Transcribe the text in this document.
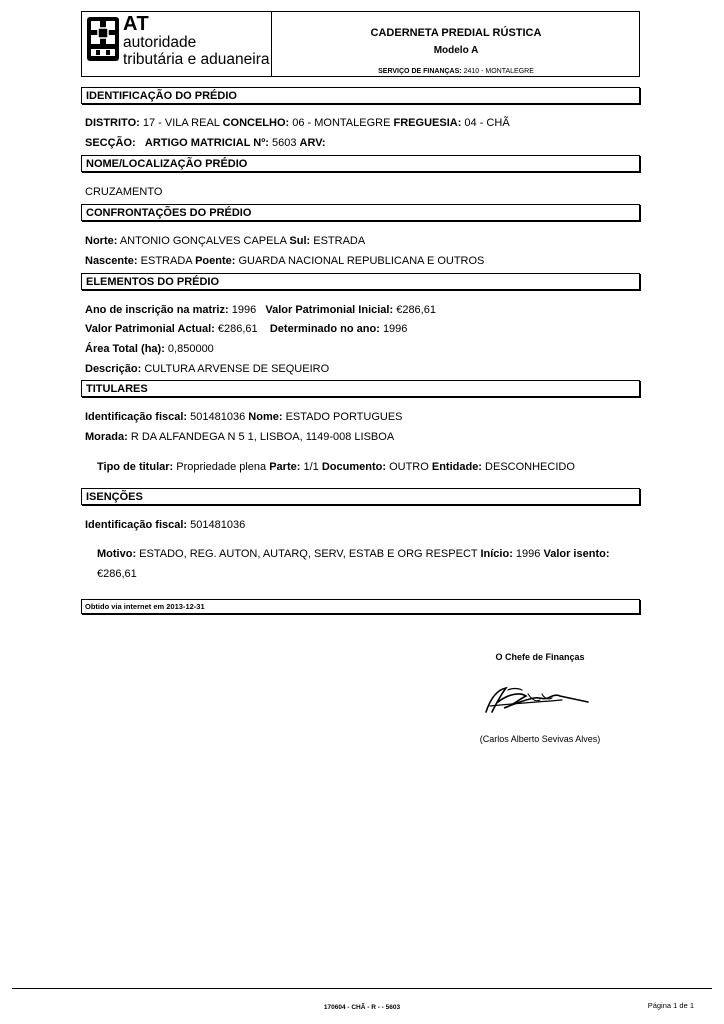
AT
autoridade
tributária e aduaneira
CADERNETA PREDIAL RÚSTICA
Modelo A
SERVIÇO DE FINANÇAS: 2410 - MONTALEGRE
IDENTIFICAÇÃO DO PRÉDIO
DISTRITO: 17 - VILA REAL CONCELHO: 06 - MONTALEGRE FREGUESIA: 04 - CHÃ
SECÇÃO: ARTIGO MATRICIAL Nº: 5603 ARV:
NOME/LOCALIZAÇÃO PRÉDIO
CRUZAMENTO
CONFRONTAÇÕES DO PRÉDIO
Norte: ANTONIO GONÇALVES CAPELA Sul: ESTRADA
Nascente: ESTRADA Poente: GUARDA NACIONAL REPUBLICANA E OUTROS
ELEMENTOS DO PRÉDIO
Ano de inscrição na matriz: 1996 Valor Patrimonial Inicial: €286,61
Valor Patrimonial Actual: €286,61 Determinado no ano: 1996
Área Total (ha): 0,850000
Descrição: CULTURA ARVENSE DE SEQUEIRO
TITULARES
Identificação fiscal: 501481036 Nome: ESTADO PORTUGUES
Morada: R DA ALFANDEGA N 5 1, LISBOA, 1149-008 LISBOA
Tipo de titular: Propriedade plena Parte: 1/1 Documento: OUTRO Entidade: DESCONHECIDO
ISENÇÕES
Identificação fiscal: 501481036
Motivo: ESTADO, REG. AUTON, AUTARQ, SERV, ESTAB E ORG RESPECT Início: 1996 Valor isento:
€286,61
Obtido via internet em 2013-12-31
O Chefe de Finanças
(Carlos Alberto Sevivas Alves)
170604 - CHÃ - R - - 5603	Página 1 de 1
